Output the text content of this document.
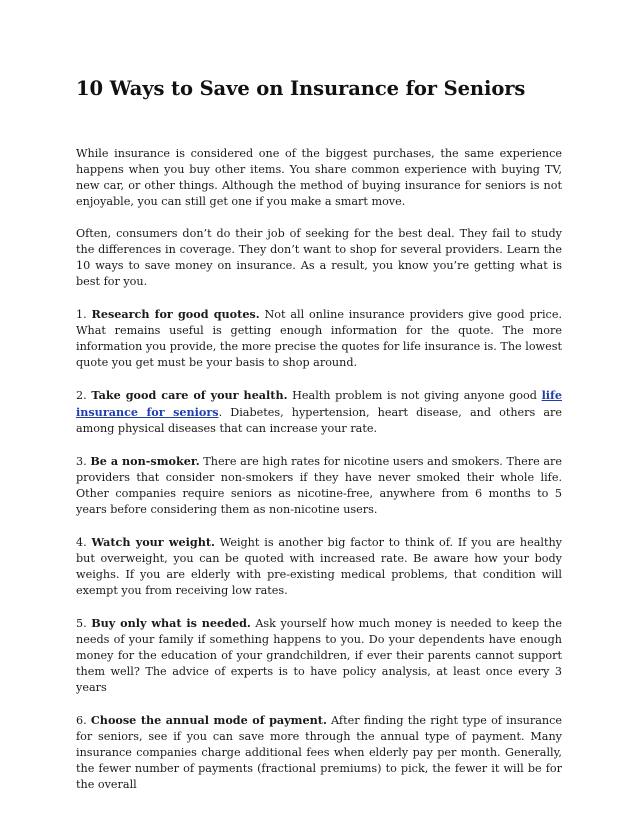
10 Ways to Save on Insurance for Seniors

While insurance is considered one of the biggest purchases, the same experience happens when you buy other items. You share common experience with buying TV, new car, or other things. Although the method of buying insurance for seniors is not enjoyable, you can still get one if you make a smart move.

Often, consumers don’t do their job of seeking for the best deal. They fail to study the differences in coverage. They don’t want to shop for several providers. Learn the 10 ways to save money on insurance. As a result, you know you’re getting what is best for you.

1. Research for good quotes. Not all online insurance providers give good price. What remains useful is getting enough information for the quote. The more information you provide, the more precise the quotes for life insurance is. The lowest quote you get must be your basis to shop around.

2. Take good care of your health. Health problem is not giving anyone good life insurance for seniors. Diabetes, hypertension, heart disease, and others are among physical diseases that can increase your rate.

3. Be a non-smoker. There are high rates for nicotine users and smokers. There are providers that consider non-smokers if they have never smoked their whole life. Other companies require seniors as nicotine-free, anywhere from 6 months to 5 years before considering them as non-nicotine users.

4. Watch your weight. Weight is another big factor to think of. If you are healthy but overweight, you can be quoted with increased rate. Be aware how your body weighs. If you are elderly with pre-existing medical problems, that condition will exempt you from receiving low rates.

5. Buy only what is needed. Ask yourself how much money is needed to keep the needs of your family if something happens to you. Do your dependents have enough money for the education of your grandchildren, if ever their parents cannot support them well? The advice of experts is to have policy analysis, at least once every 3 years

6. Choose the annual mode of payment. After finding the right type of insurance for seniors, see if you can save more through the annual type of payment. Many insurance companies charge additional fees when elderly pay per month. Generally, the fewer number of payments (fractional premiums) to pick, the fewer it will be for the overall
